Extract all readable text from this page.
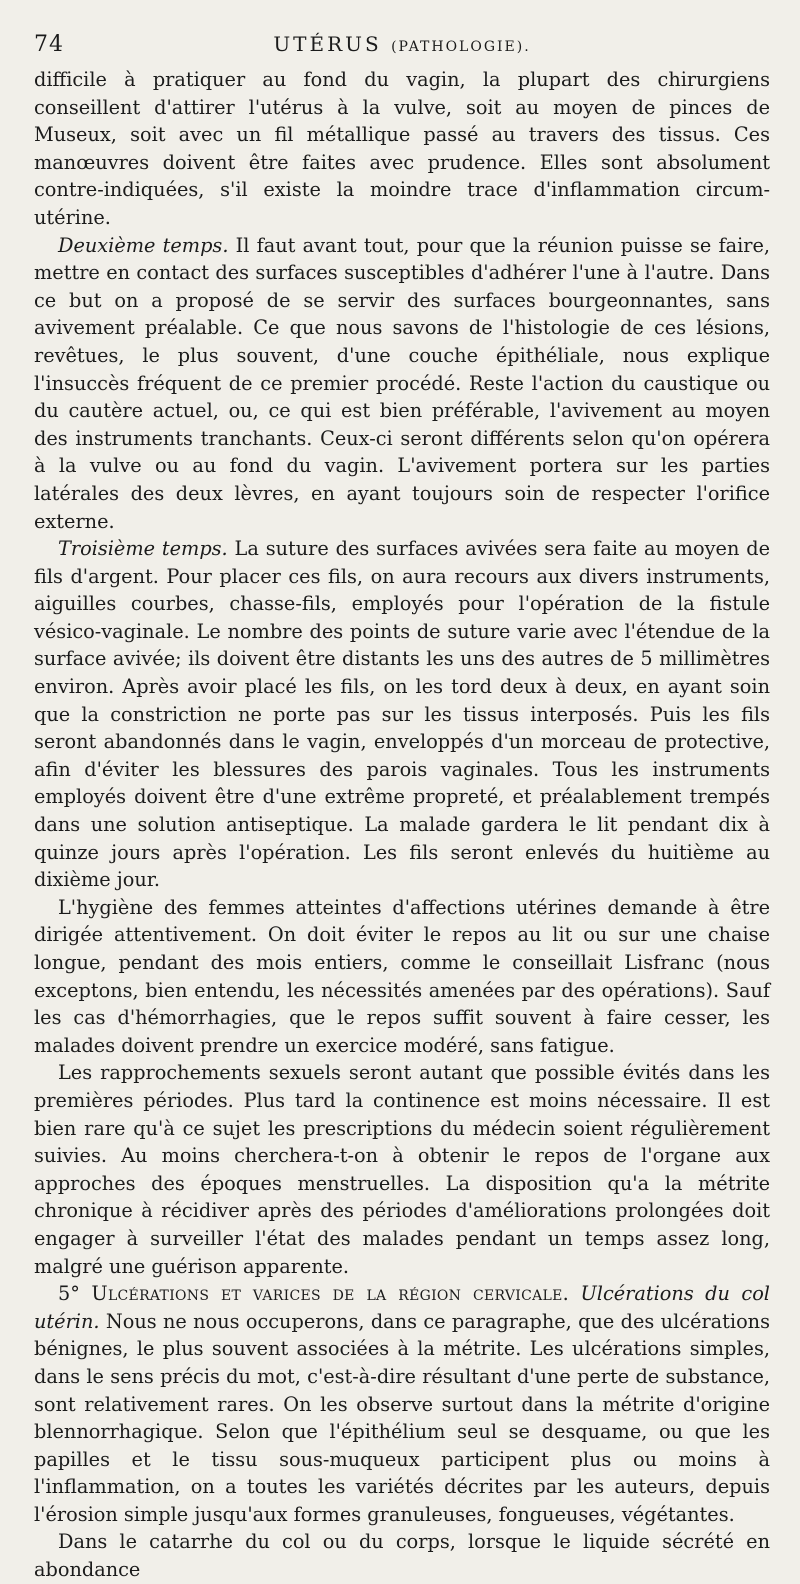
74	UTÉRUS (PATHOLOGIE).

difficile à pratiquer au fond du vagin, la plupart des chirurgiens conseillent d'attirer l'utérus à la vulve, soit au moyen de pinces de Museux, soit avec un fil métallique passé au travers des tissus. Ces manœuvres doivent être faites avec prudence. Elles sont absolument contre-indiquées, s'il existe la moindre trace d'inflammation circum-utérine.

Deuxième temps. Il faut avant tout, pour que la réunion puisse se faire, mettre en contact des surfaces susceptibles d'adhérer l'une à l'autre. Dans ce but on a proposé de se servir des surfaces bourgeonnantes, sans avivement préalable. Ce que nous savons de l'histologie de ces lésions, revêtues, le plus souvent, d'une couche épithéliale, nous explique l'insuccès fréquent de ce premier procédé. Reste l'action du caustique ou du cautère actuel, ou, ce qui est bien préférable, l'avivement au moyen des instruments tranchants. Ceux-ci seront différents selon qu'on opérera à la vulve ou au fond du vagin. L'avivement portera sur les parties latérales des deux lèvres, en ayant toujours soin de respecter l'orifice externe.

Troisième temps. La suture des surfaces avivées sera faite au moyen de fils d'argent. Pour placer ces fils, on aura recours aux divers instruments, aiguilles courbes, chasse-fils, employés pour l'opération de la fistule vésico-vaginale. Le nombre des points de suture varie avec l'étendue de la surface avivée; ils doivent être distants les uns des autres de 5 millimètres environ. Après avoir placé les fils, on les tord deux à deux, en ayant soin que la constriction ne porte pas sur les tissus interposés. Puis les fils seront abandonnés dans le vagin, enveloppés d'un morceau de protective, afin d'éviter les blessures des parois vaginales. Tous les instruments employés doivent être d'une extrême propreté, et préalablement trempés dans une solution antiseptique. La malade gardera le lit pendant dix à quinze jours après l'opération. Les fils seront enlevés du huitième au dixième jour.

L'hygiène des femmes atteintes d'affections utérines demande à être dirigée attentivement. On doit éviter le repos au lit ou sur une chaise longue, pendant des mois entiers, comme le conseillait Lisfranc (nous exceptons, bien entendu, les nécessités amenées par des opérations). Sauf les cas d'hémorrhagies, que le repos suffit souvent à faire cesser, les malades doivent prendre un exercice modéré, sans fatigue.

Les rapprochements sexuels seront autant que possible évités dans les premières périodes. Plus tard la continence est moins nécessaire. Il est bien rare qu'à ce sujet les prescriptions du médecin soient régulièrement suivies. Au moins cherchera-t-on à obtenir le repos de l'organe aux approches des époques menstruelles. La disposition qu'a la métrite chronique à récidiver après des périodes d'améliorations prolongées doit engager à surveiller l'état des malades pendant un temps assez long, malgré une guérison apparente.

5° Ulcérations et varices de la région cervicale. Ulcérations du col utérin. Nous ne nous occuperons, dans ce paragraphe, que des ulcérations bénignes, le plus souvent associées à la métrite. Les ulcérations simples, dans le sens précis du mot, c'est-à-dire résultant d'une perte de substance, sont relativement rares. On les observe surtout dans la métrite d'origine blennorrhagique. Selon que l'épithélium seul se desquame, ou que les papilles et le tissu sous-muqueux participent plus ou moins à l'inflammation, on a toutes les variétés décrites par les auteurs, depuis l'érosion simple jusqu'aux formes granuleuses, fongueuses, végétantes.

Dans le catarrhe du col ou du corps, lorsque le liquide sécrété en abondance
